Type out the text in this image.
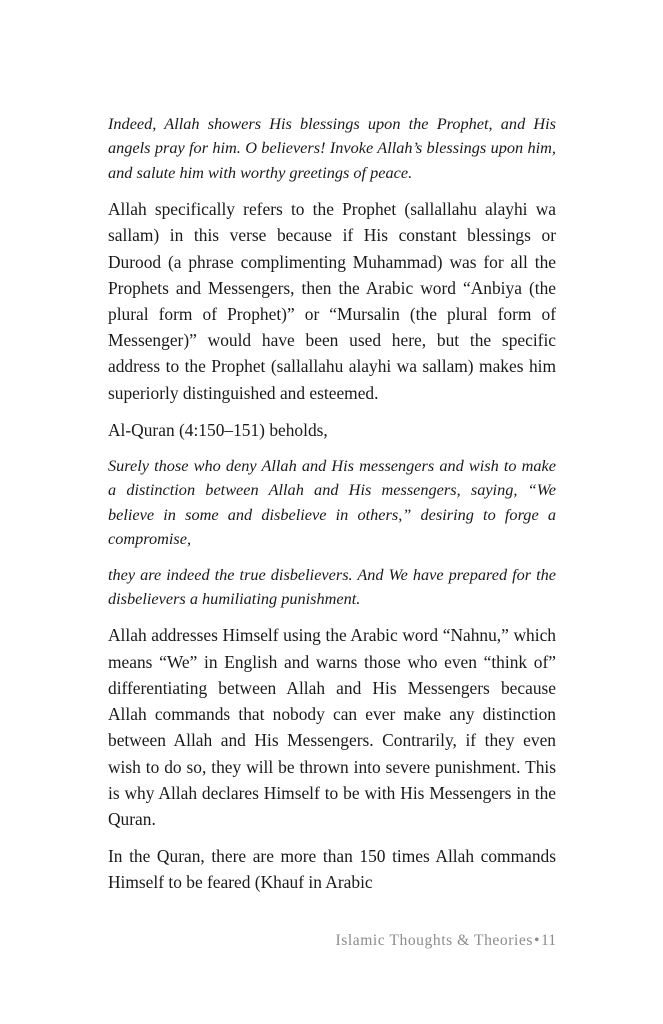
Indeed, Allah showers His blessings upon the Prophet, and His angels pray for him. O believers! Invoke Allah’s blessings upon him, and salute him with worthy greetings of peace.

Allah specifically refers to the Prophet (sallallahu alayhi wa sallam) in this verse because if His constant blessings or Durood (a phrase complimenting Muhammad) was for all the Prophets and Messengers, then the Arabic word “Anbiya (the plural form of Prophet)” or “Mursalin (the plural form of Messenger)” would have been used here, but the specific address to the Prophet (sallallahu alayhi wa sallam) makes him superiorly distinguished and esteemed.

Al-Quran (4:150–151) beholds,

Surely those who deny Allah and His messengers and wish to make a distinction between Allah and His messengers, saying, “We believe in some and disbelieve in others,” desiring to forge a compromise,

they are indeed the true disbelievers. And We have prepared for the disbelievers a humiliating punishment.

Allah addresses Himself using the Arabic word “Nahnu,” which means “We” in English and warns those who even “think of” differentiating between Allah and His Messengers because Allah commands that nobody can ever make any distinction between Allah and His Messengers. Contrarily, if they even wish to do so, they will be thrown into severe punishment. This is why Allah declares Himself to be with His Messengers in the Quran.

In the Quran, there are more than 150 times Allah commands Himself to be feared (Khauf in Arabic

Islamic Thoughts & Theories•11
